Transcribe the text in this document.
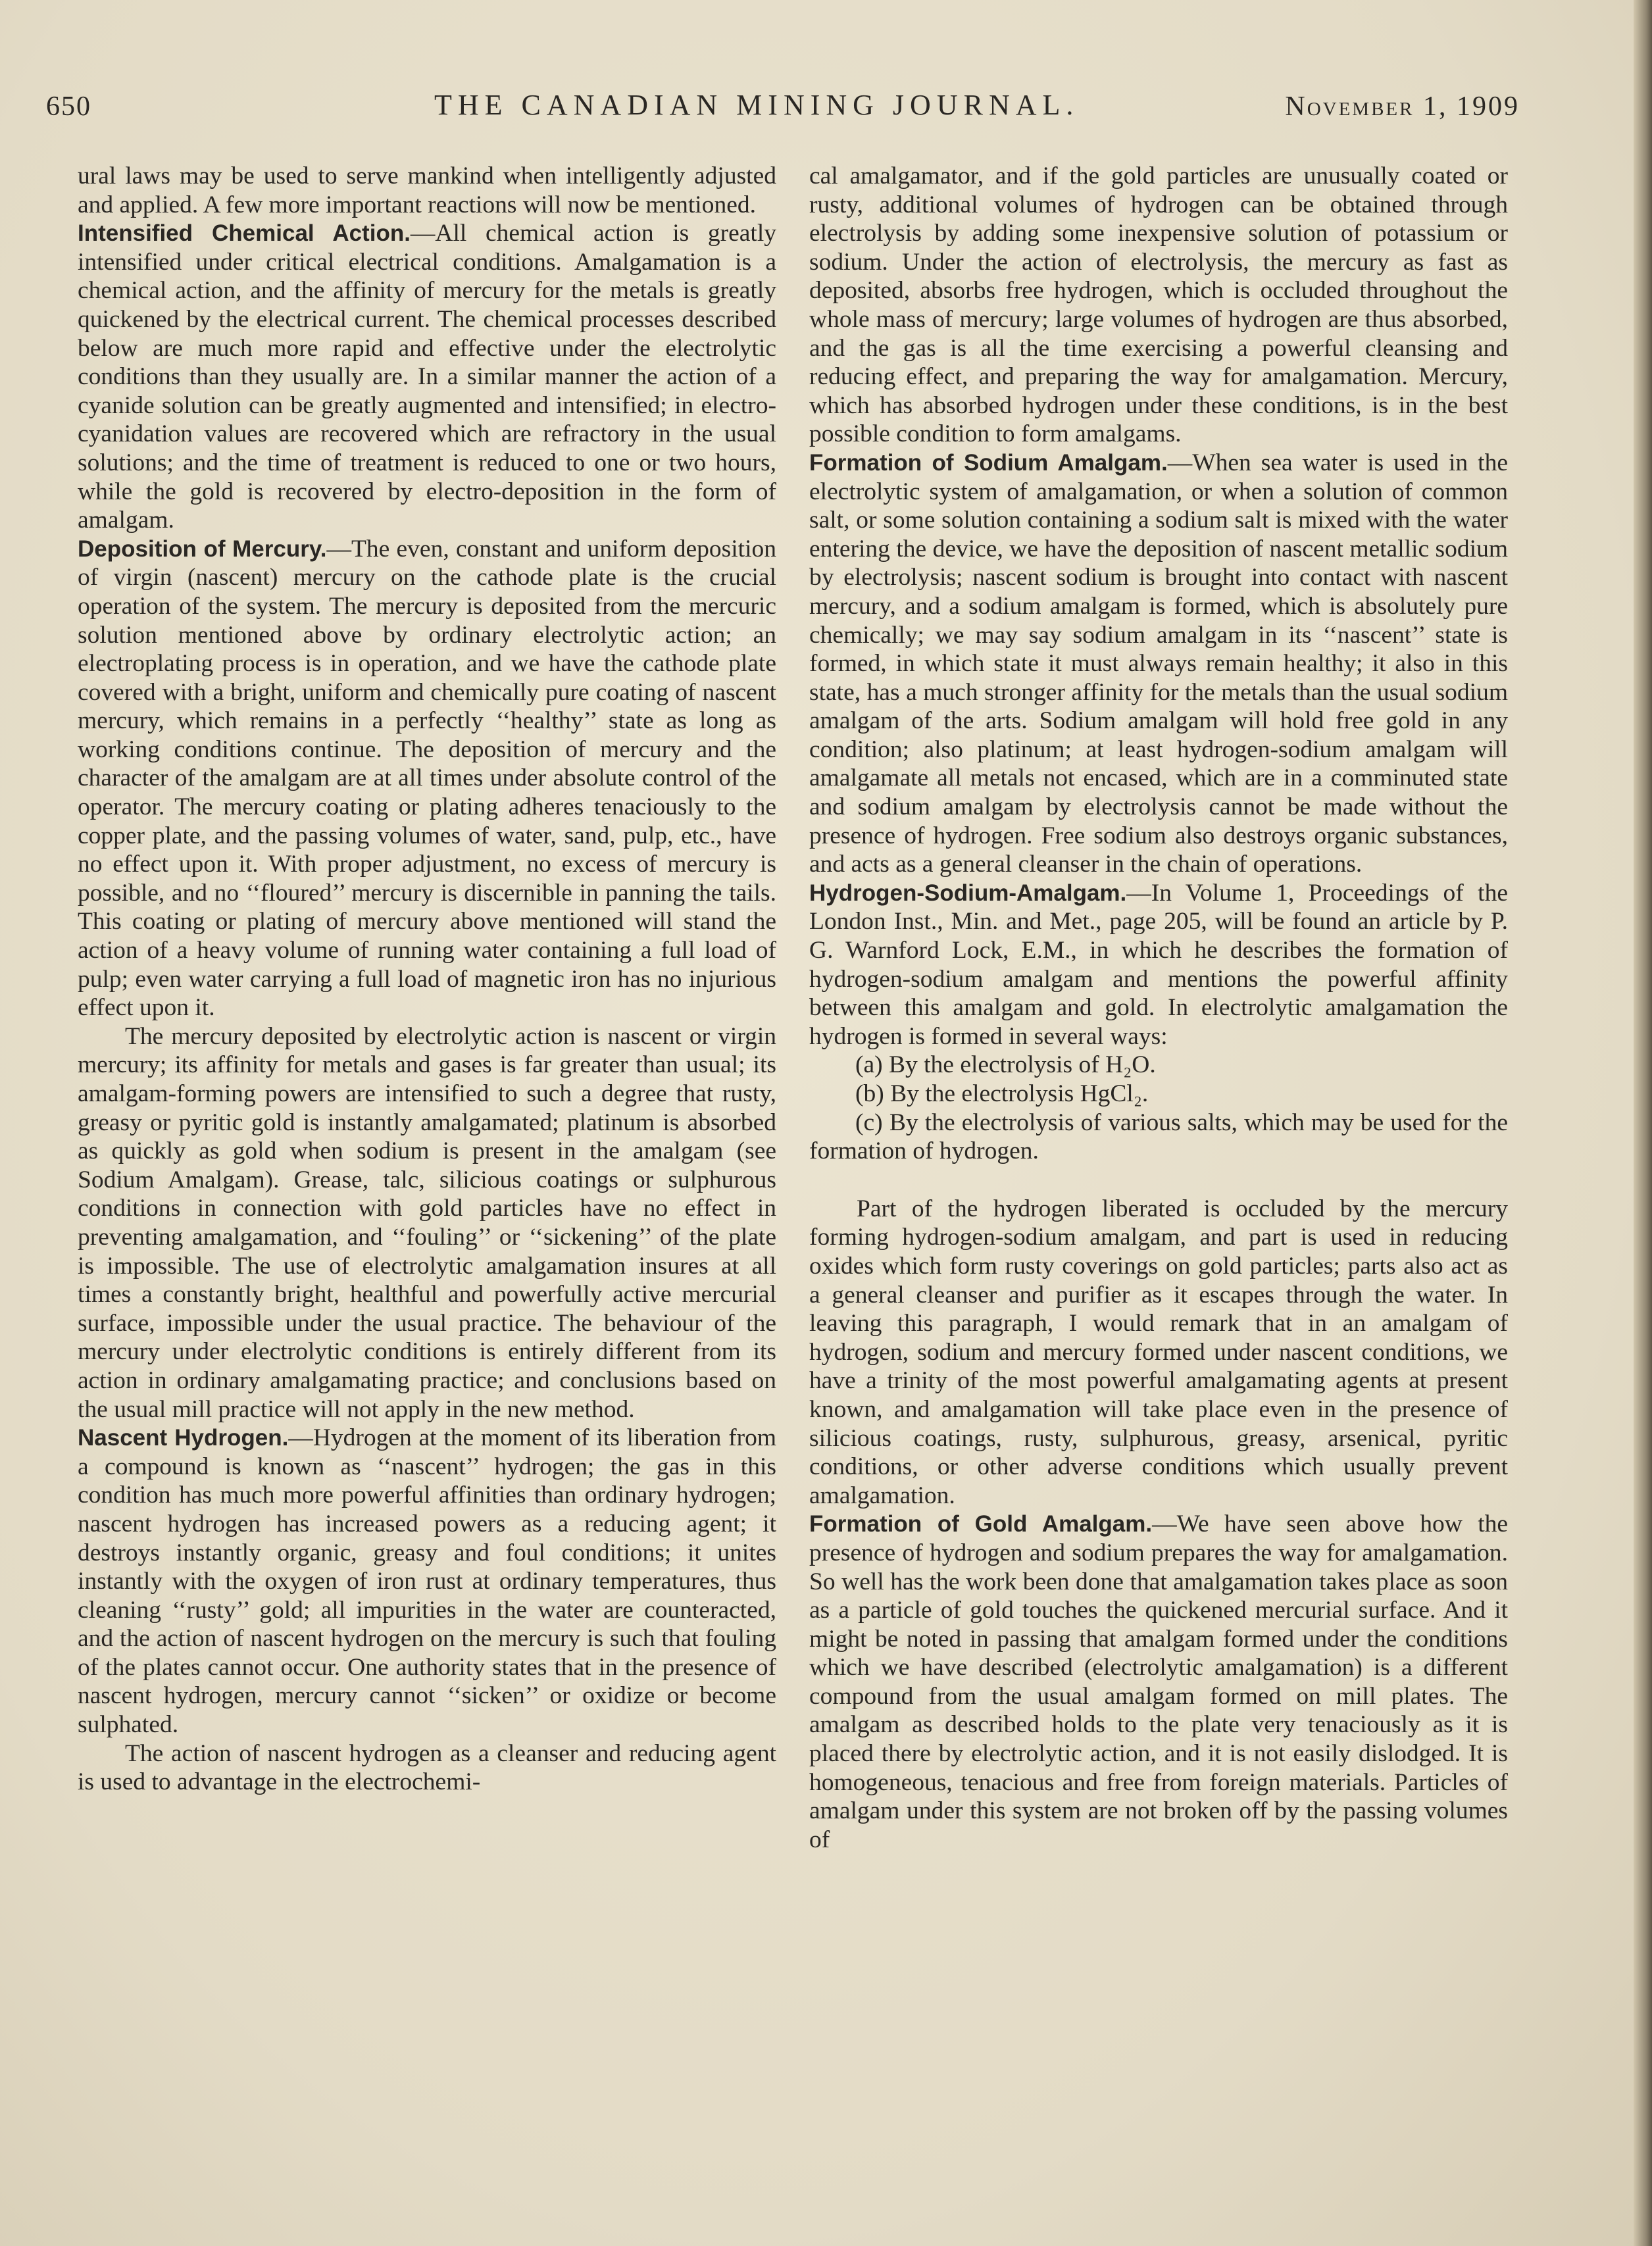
650	THE CANADIAN MINING JOURNAL.	November 1, 1909

ural laws may be used to serve mankind when intelligently adjusted and applied. A few more important reactions will now be mentioned.

Intensified Chemical Action.—All chemical action is greatly intensified under critical electrical conditions. Amalgamation is a chemical action, and the affinity of mercury for the metals is greatly quickened by the electrical current. The chemical processes described below are much more rapid and effective under the electrolytic conditions than they usually are. In a similar manner the action of a cyanide solution can be greatly augmented and intensified; in electro-cyanidation values are recovered which are refractory in the usual solutions; and the time of treatment is reduced to one or two hours, while the gold is recovered by electro-deposition in the form of amalgam.

Deposition of Mercury.—The even, constant and uniform deposition of virgin (nascent) mercury on the cathode plate is the crucial operation of the system. The mercury is deposited from the mercuric solution mentioned above by ordinary electrolytic action; an electroplating process is in operation, and we have the cathode plate covered with a bright, uniform and chemically pure coating of nascent mercury, which remains in a perfectly ‘‘healthy’’ state as long as working conditions continue. The deposition of mercury and the character of the amalgam are at all times under absolute control of the operator. The mercury coating or plating adheres tenaciously to the copper plate, and the passing volumes of water, sand, pulp, etc., have no effect upon it. With proper adjustment, no excess of mercury is possible, and no ‘‘floured’’ mercury is discernible in panning the tails. This coating or plating of mercury above mentioned will stand the action of a heavy volume of running water containing a full load of pulp; even water carrying a full load of magnetic iron has no injurious effect upon it.

The mercury deposited by electrolytic action is nascent or virgin mercury; its affinity for metals and gases is far greater than usual; its amalgam-forming powers are intensified to such a degree that rusty, greasy or pyritic gold is instantly amalgamated; platinum is absorbed as quickly as gold when sodium is present in the amalgam (see Sodium Amalgam). Grease, talc, silicious coatings or sulphurous conditions in connection with gold particles have no effect in preventing amalgamation, and ‘‘fouling’’ or ‘‘sickening’’ of the plate is impossible. The use of electrolytic amalgamation insures at all times a constantly bright, healthful and powerfully active mercurial surface, impossible under the usual practice. The behaviour of the mercury under electrolytic conditions is entirely different from its action in ordinary amalgamating practice; and conclusions based on the usual mill practice will not apply in the new method.

Nascent Hydrogen.—Hydrogen at the moment of its liberation from a compound is known as ‘‘nascent’’ hydrogen; the gas in this condition has much more powerful affinities than ordinary hydrogen; nascent hydrogen has increased powers as a reducing agent; it destroys instantly organic, greasy and foul conditions; it unites instantly with the oxygen of iron rust at ordinary temperatures, thus cleaning ‘‘rusty’’ gold; all impurities in the water are counteracted, and the action of nascent hydrogen on the mercury is such that fouling of the plates cannot occur. One authority states that in the presence of nascent hydrogen, mercury cannot ‘‘sicken’’ or oxidize or become sulphated.

The action of nascent hydrogen as a cleanser and reducing agent is used to advantage in the electrochemi-

cal amalgamator, and if the gold particles are unusually coated or rusty, additional volumes of hydrogen can be obtained through electrolysis by adding some inexpensive solution of potassium or sodium. Under the action of electrolysis, the mercury as fast as deposited, absorbs free hydrogen, which is occluded throughout the whole mass of mercury; large volumes of hydrogen are thus absorbed, and the gas is all the time exercising a powerful cleansing and reducing effect, and preparing the way for amalgamation. Mercury, which has absorbed hydrogen under these conditions, is in the best possible condition to form amalgams.

Formation of Sodium Amalgam.—When sea water is used in the electrolytic system of amalgamation, or when a solution of common salt, or some solution containing a sodium salt is mixed with the water entering the device, we have the deposition of nascent metallic sodium by electrolysis; nascent sodium is brought into contact with nascent mercury, and a sodium amalgam is formed, which is absolutely pure chemically; we may say sodium amalgam in its ‘‘nascent’’ state is formed, in which state it must always remain healthy; it also in this state, has a much stronger affinity for the metals than the usual sodium amalgam of the arts. Sodium amalgam will hold free gold in any condition; also platinum; at least hydrogen-sodium amalgam will amalgamate all metals not encased, which are in a comminuted state and sodium amalgam by electrolysis cannot be made without the presence of hydrogen. Free sodium also destroys organic substances, and acts as a general cleanser in the chain of operations.

Hydrogen-Sodium-Amalgam.—In Volume 1, Proceedings of the London Inst., Min. and Met., page 205, will be found an article by P. G. Warnford Lock, E.M., in which he describes the formation of hydrogen-sodium amalgam and mentions the powerful affinity between this amalgam and gold. In electrolytic amalgamation the hydrogen is formed in several ways:

(a) By the electrolysis of H₂O.

(b) By the electrolysis HgCl₂.

(c) By the electrolysis of various salts, which may be used for the formation of hydrogen.

Part of the hydrogen liberated is occluded by the mercury forming hydrogen-sodium amalgam, and part is used in reducing oxides which form rusty coverings on gold particles; parts also act as a general cleanser and purifier as it escapes through the water. In leaving this paragraph, I would remark that in an amalgam of hydrogen, sodium and mercury formed under nascent conditions, we have a trinity of the most powerful amalgamating agents at present known, and amalgamation will take place even in the presence of silicious coatings, rusty, sulphurous, greasy, arsenical, pyritic conditions, or other adverse conditions which usually prevent amalgamation.

Formation of Gold Amalgam.—We have seen above how the presence of hydrogen and sodium prepares the way for amalgamation. So well has the work been done that amalgamation takes place as soon as a particle of gold touches the quickened mercurial surface. And it might be noted in passing that amalgam formed under the conditions which we have described (electrolytic amalgamation) is a different compound from the usual amalgam formed on mill plates. The amalgam as described holds to the plate very tenaciously as it is placed there by electrolytic action, and it is not easily dislodged. It is homogeneous, tenacious and free from foreign materials. Particles of amalgam under this system are not broken off by the passing volumes of
